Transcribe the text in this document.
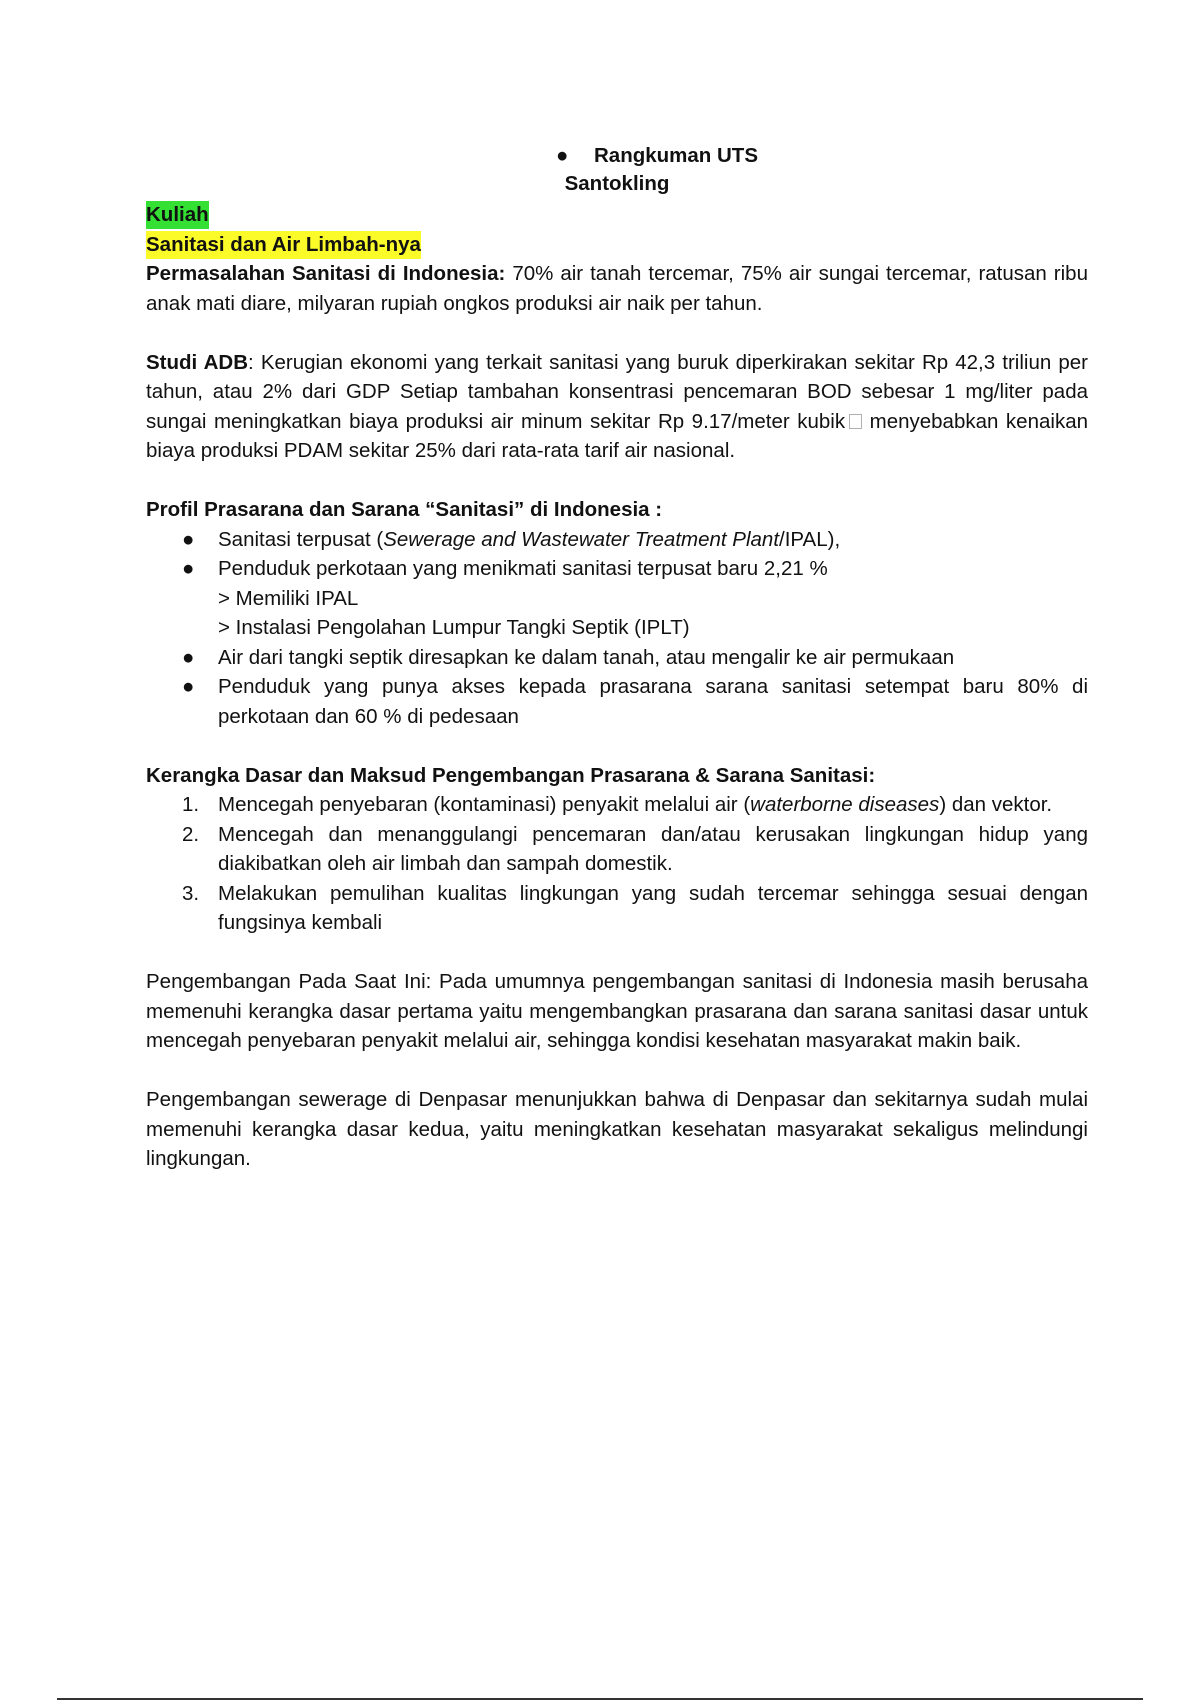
● Rangkuman UTS
Santokling
Kuliah
Sanitasi dan Air Limbah-nya

Permasalahan Sanitasi di Indonesia: 70% air tanah tercemar, 75% air sungai tercemar, ratusan ribu anak mati diare, milyaran rupiah ongkos produksi air naik per tahun.

Studi ADB: Kerugian ekonomi yang terkait sanitasi yang buruk diperkirakan sekitar Rp 42,3 triliun per tahun, atau 2% dari GDP Setiap tambahan konsentrasi pencemaran BOD sebesar 1 mg/liter pada sungai meningkatkan biaya produksi air minum sekitar Rp 9.17/meter kubik menyebabkan kenaikan biaya produksi PDAM sekitar 25% dari rata-rata tarif air nasional.

Profil Prasarana dan Sarana “Sanitasi” di Indonesia :

● Sanitasi terpusat (Sewerage and Wastewater Treatment Plant/IPAL),
● Penduduk perkotaan yang menikmati sanitasi terpusat baru 2,21 %
> Memiliki IPAL
> Instalasi Pengolahan Lumpur Tangki Septik (IPLT)
● Air dari tangki septik diresapkan ke dalam tanah, atau mengalir ke air permukaan
● Penduduk yang punya akses kepada prasarana sarana sanitasi setempat baru 80% di perkotaan dan 60 % di pedesaan

Kerangka Dasar dan Maksud Pengembangan Prasarana & Sarana Sanitasi:

1. Mencegah penyebaran (kontaminasi) penyakit melalui air (waterborne diseases) dan vektor.
2. Mencegah dan menanggulangi pencemaran dan/atau kerusakan lingkungan hidup yang diakibatkan oleh air limbah dan sampah domestik.
3. Melakukan pemulihan kualitas lingkungan yang sudah tercemar sehingga sesuai dengan fungsinya kembali

Pengembangan Pada Saat Ini: Pada umumnya pengembangan sanitasi di Indonesia masih berusaha memenuhi kerangka dasar pertama yaitu mengembangkan prasarana dan sarana sanitasi dasar untuk mencegah penyebaran penyakit melalui air, sehingga kondisi kesehatan masyarakat makin baik.

Pengembangan sewerage di Denpasar menunjukkan bahwa di Denpasar dan sekitarnya sudah mulai memenuhi kerangka dasar kedua, yaitu meningkatkan kesehatan masyarakat sekaligus melindungi lingkungan.
